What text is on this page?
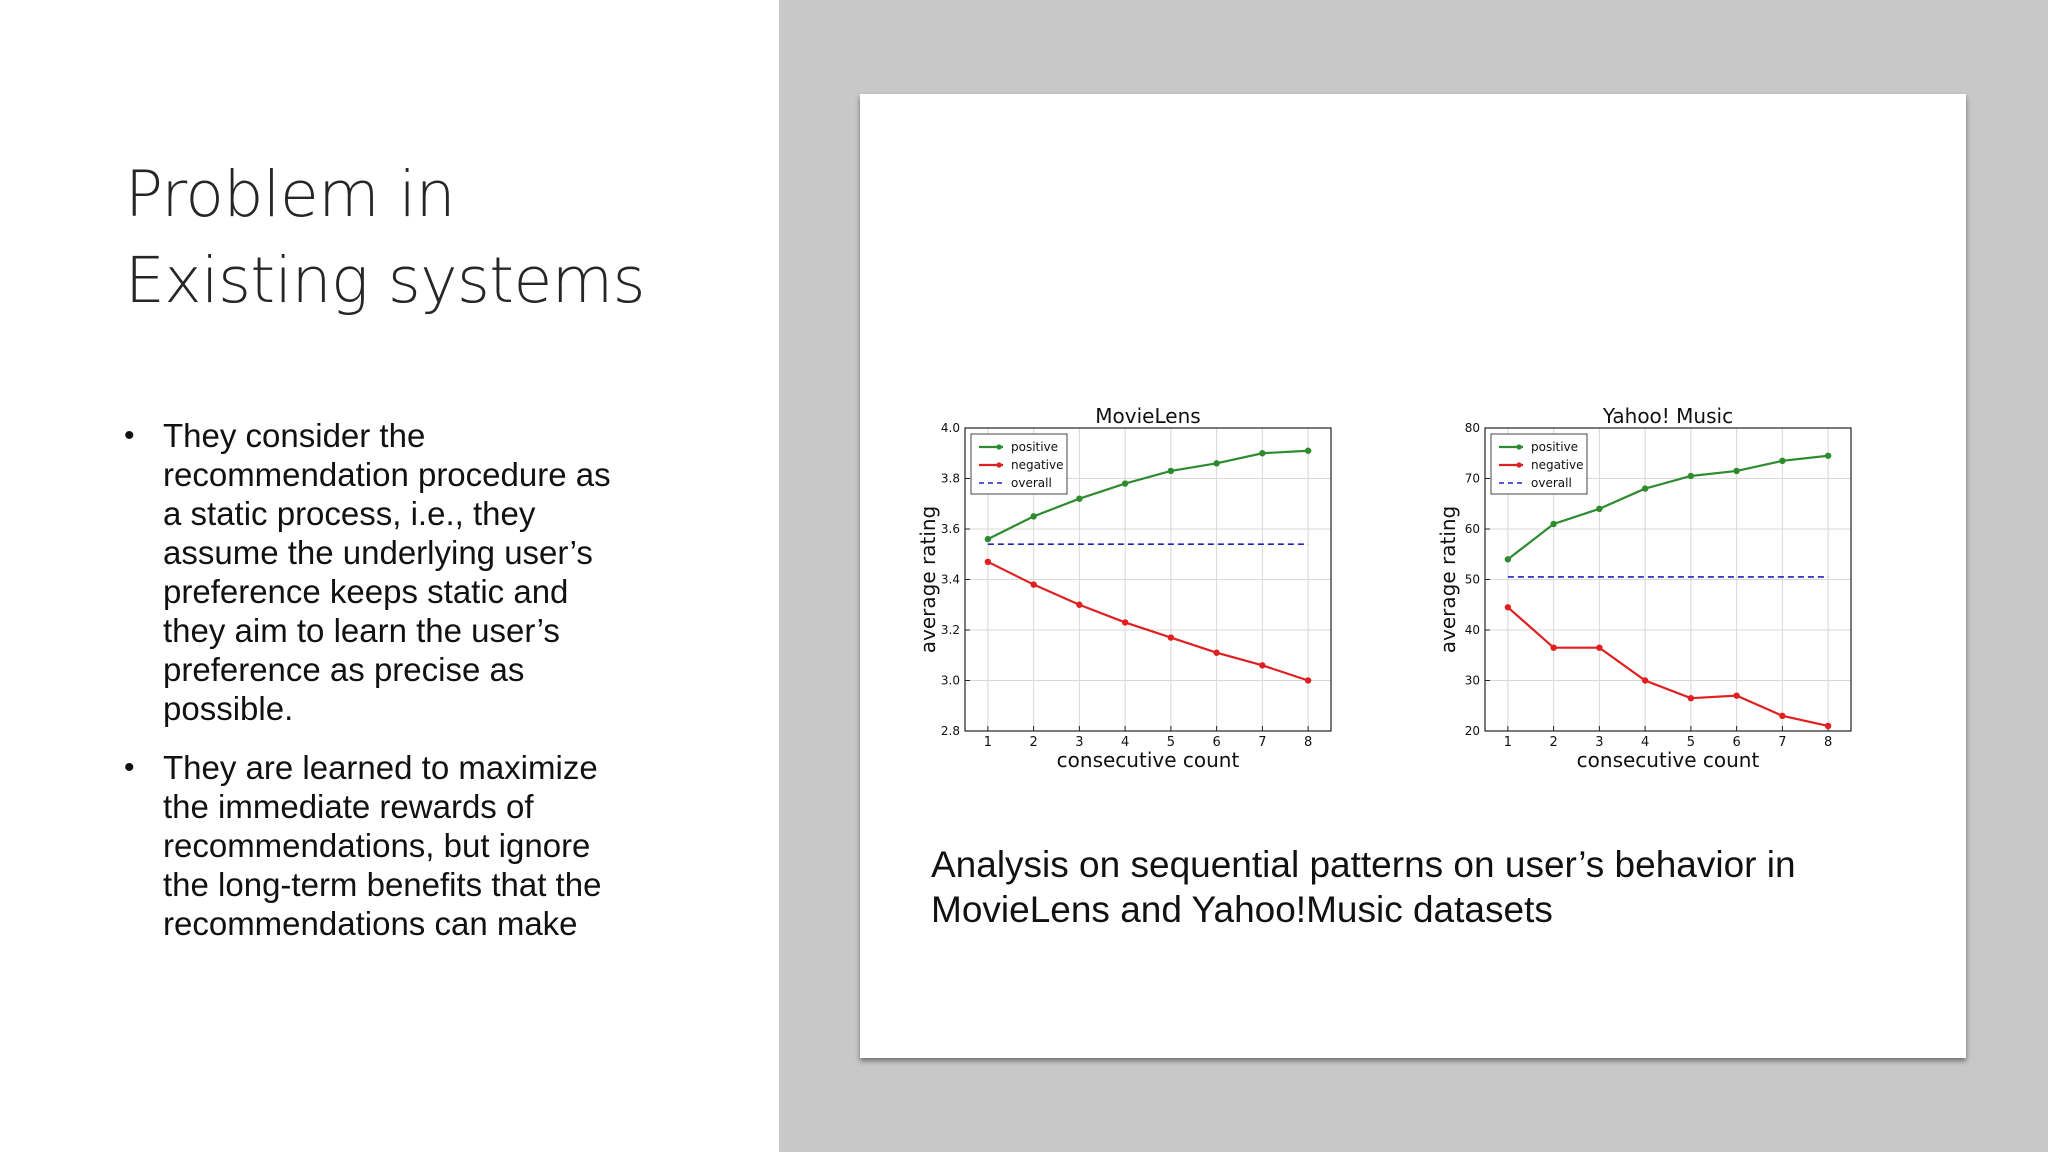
Problem in
Existing systems
• They consider the
recommendation procedure as
a static process, i.e., they
assume the underlying user’s
preference keeps static and
they aim to learn the user’s
preference as precise as
possible.
• They are learned to maximize
the immediate rewards of
recommendations, but ignore
the long-term benefits that the
recommendations can make
1	2	3	4	5	6	7	8
2.8
3.0
3.2
3.4
3.6
3.8
4.0	MovieLens
consecutive count
average rating
positive
negative
overall
1	2	3	4	5	6	7	8
20
30
40
50
60
70
80	Yahoo! Music
consecutive count
average rating
positive
negative
overall
Analysis on sequential patterns on user’s behavior in
MovieLens and Yahoo!Music datasets
